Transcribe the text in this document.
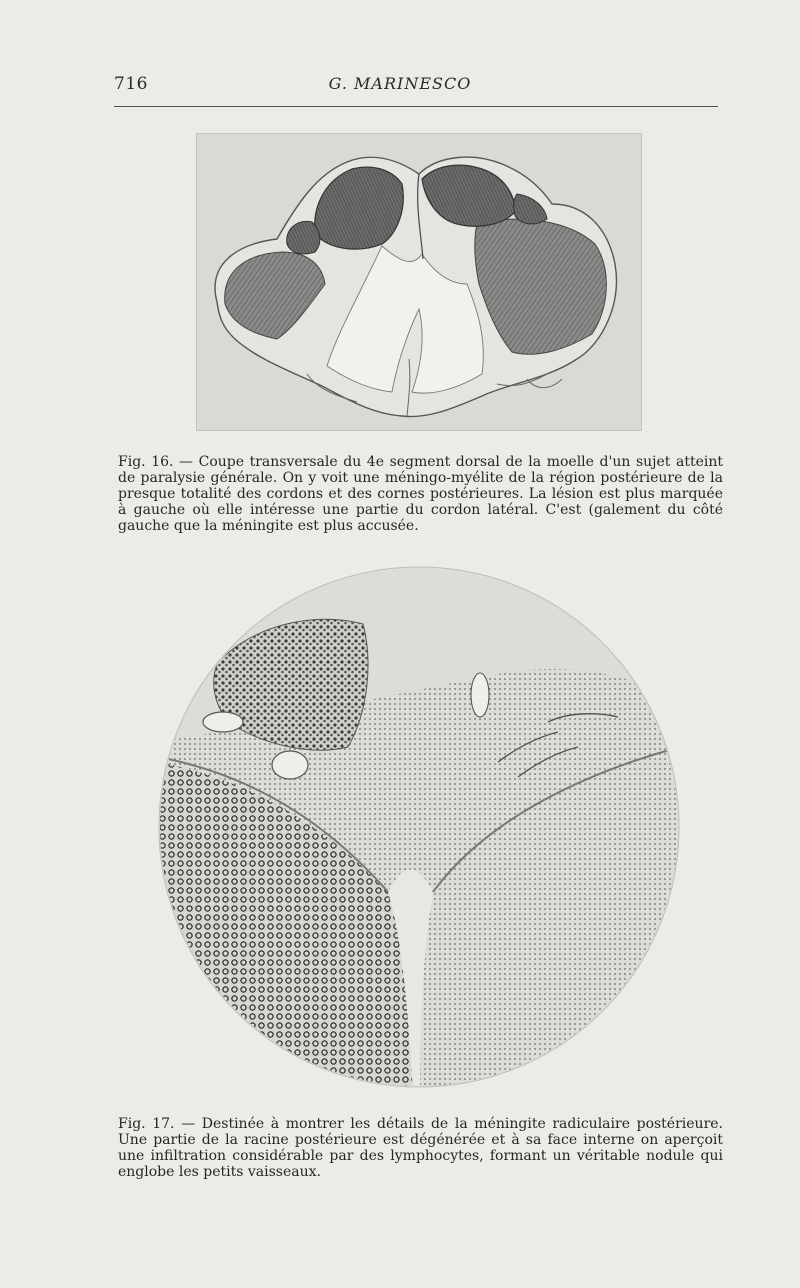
716	G. MARINESCO
Fig. 16. — Coupe transversale du 4e segment dorsal de la moelle d'un sujet atteint de paralysie générale. On y voit une méningo-myélite de la région postérieure de la presque totalité des cordons et des cornes postérieures. La lésion est plus marquée à gauche où elle intéresse une partie du cordon latéral. C'est (galement du côté gauche que la méningite est plus accusée.
Fig. 17. — Destinée à montrer les détails de la méningite radiculaire postérieure. Une partie de la racine postérieure est dégénérée et à sa face interne on aperçoit une infiltration considérable par des lymphocytes, formant un véritable nodule qui englobe les petits vaisseaux.
